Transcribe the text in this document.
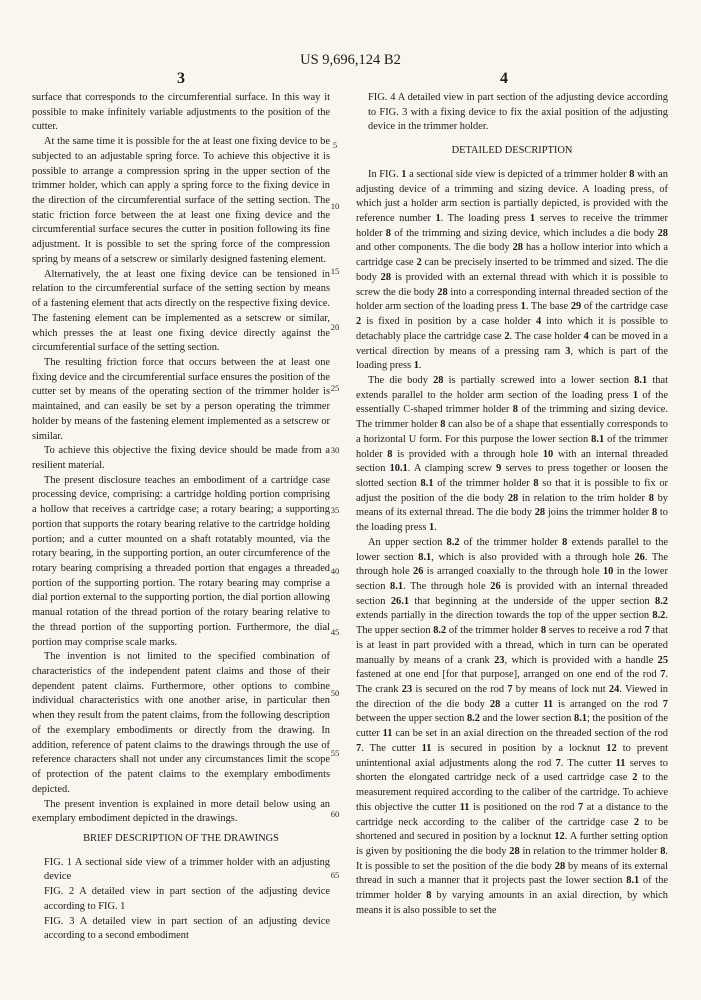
US 9,696,124 B2
3	4

surface that corresponds to the circumferential surface. In this way it possible to make infinitely variable adjustments to the position of the cutter.

At the same time it is possible for the at least one fixing device to be subjected to an adjustable spring force. To achieve this objective it is possible to arrange a compression spring in the upper section of the trimmer holder, which can apply a spring force to the fixing device in the direction of the circumferential surface of the setting section. The static friction force between the at least one fixing device and the circumferential surface secures the cutter in position following its fine adjustment. It is possible to set the spring force of the compression spring by means of a setscrew or similarly designed fastening element.

Alternatively, the at least one fixing device can be tensioned in relation to the circumferential surface of the setting section by means of a fastening element that acts directly on the respective fixing device. The fastening element can be implemented as a setscrew or similar, which presses the at least one fixing device directly against the circumferential surface of the setting section.

The resulting friction force that occurs between the at least one fixing device and the circumferential surface ensures the position of the cutter set by means of the operating section of the trimmer holder is maintained, and can easily be set by a person operating the trimmer holder by means of the fastening element implemented as a setscrew or similar.

To achieve this objective the fixing device should be made from a resilient material.

The present disclosure teaches an embodiment of a cartridge case processing device, comprising: a cartridge holding portion comprising a hollow that receives a cartridge case; a rotary bearing; a supporting portion that supports the rotary bearing relative to the cartridge holding portion; and a cutter mounted on a shaft rotatably mounted, via the rotary bearing, in the supporting portion, an outer circumference of the rotary bearing comprising a threaded portion that engages a threaded portion of the supporting portion. The rotary bearing may comprise a dial portion external to the supporting portion, the dial portion allowing manual rotation of the thread portion of the rotary bearing relative to the thread portion of the supporting portion. Furthermore, the dial portion may comprise scale marks.

The invention is not limited to the specified combination of characteristics of the independent patent claims and those of their dependent patent claims. Furthermore, other options to combine individual characteristics with one another arise, in particular then when they result from the patent claims, from the following description of the exemplary embodiments or directly from the drawing. In addition, reference of patent claims to the drawings through the use of reference characters shall not under any circumstances limit the scope of protection of the patent claims to the exemplary embodiments depicted.

The present invention is explained in more detail below using an exemplary embodiment depicted in the drawings.

BRIEF DESCRIPTION OF THE DRAWINGS

FIG. 1 A sectional side view of a trimmer holder with an adjusting device

FIG. 2 A detailed view in part section of the adjusting device according to FIG. 1

FIG. 3 A detailed view in part section of an adjusting device according to a second embodiment

5
10
15
20
25
30
35
40
45
50
55
60
65

FIG. 4 A detailed view in part section of the adjusting device according to FIG. 3 with a fixing device to fix the axial position of the adjusting device in the trimmer holder.

DETAILED DESCRIPTION

In FIG. 1 a sectional side view is depicted of a trimmer holder 8 with an adjusting device of a trimming and sizing device. A loading press, of which just a holder arm section is partially depicted, is provided with the reference number 1. The loading press 1 serves to receive the trimmer holder 8 of the trimming and sizing device, which includes a die body 28 and other components. The die body 28 has a hollow interior into which a cartridge case 2 can be precisely inserted to be trimmed and sized. The die body 28 is provided with an external thread with which it is possible to screw the die body 28 into a corresponding internal threaded section of the holder arm section of the loading press 1. The base 29 of the cartridge case 2 is fixed in position by a case holder 4 into which it is possible to detachably place the cartridge case 2. The case holder 4 can be moved in a vertical direction by means of a pressing ram 3, which is part of the loading press 1.

The die body 28 is partially screwed into a lower section 8.1 that extends parallel to the holder arm section of the loading press 1 of the essentially C-shaped trimmer holder 8 of the trimming and sizing device. The trimmer holder 8 can also be of a shape that essentially corresponds to a horizontal U form. For this purpose the lower section 8.1 of the trimmer holder 8 is provided with a through hole 10 with an internal threaded section 10.1. A clamping screw 9 serves to press together or loosen the slotted section 8.1 of the trimmer holder 8 so that it is possible to fix or adjust the position of the die body 28 in relation to the trim holder 8 by means of its external thread. The die body 28 joins the trimmer holder 8 to the loading press 1.

An upper section 8.2 of the trimmer holder 8 extends parallel to the lower section 8.1, which is also provided with a through hole 26. The through hole 26 is arranged coaxially to the through hole 10 in the lower section 8.1. The through hole 26 is provided with an internal threaded section 26.1 that beginning at the underside of the upper section 8.2 extends partially in the direction towards the top of the upper section 8.2. The upper section 8.2 of the trimmer holder 8 serves to receive a rod 7 that is at least in part provided with a thread, which in turn can be operated manually by means of a crank 23, which is provided with a handle 25 fastened at one end [for that purpose], arranged on one end of the rod 7. The crank 23 is secured on the rod 7 by means of lock nut 24. Viewed in the direction of the die body 28 a cutter 11 is arranged on the rod 7 between the upper section 8.2 and the lower section 8.1; the position of the cutter 11 can be set in an axial direction on the threaded section of the rod 7. The cutter 11 is secured in position by a locknut 12 to prevent unintentional axial adjustments along the rod 7. The cutter 11 serves to shorten the elongated cartridge neck of a used cartridge case 2 to the measurement required according to the caliber of the cartridge. To achieve this objective the cutter 11 is positioned on the rod 7 at a distance to the cartridge neck according to the caliber of the cartridge case 2 to be shortened and secured in position by a locknut 12. A further setting option is given by positioning the die body 28 in relation to the trimmer holder 8. It is possible to set the position of the die body 28 by means of its external thread in such a manner that it projects past the lower section 8.1 of the trimmer holder 8 by varying amounts in an axial direction, by which means it is also possible to set the
